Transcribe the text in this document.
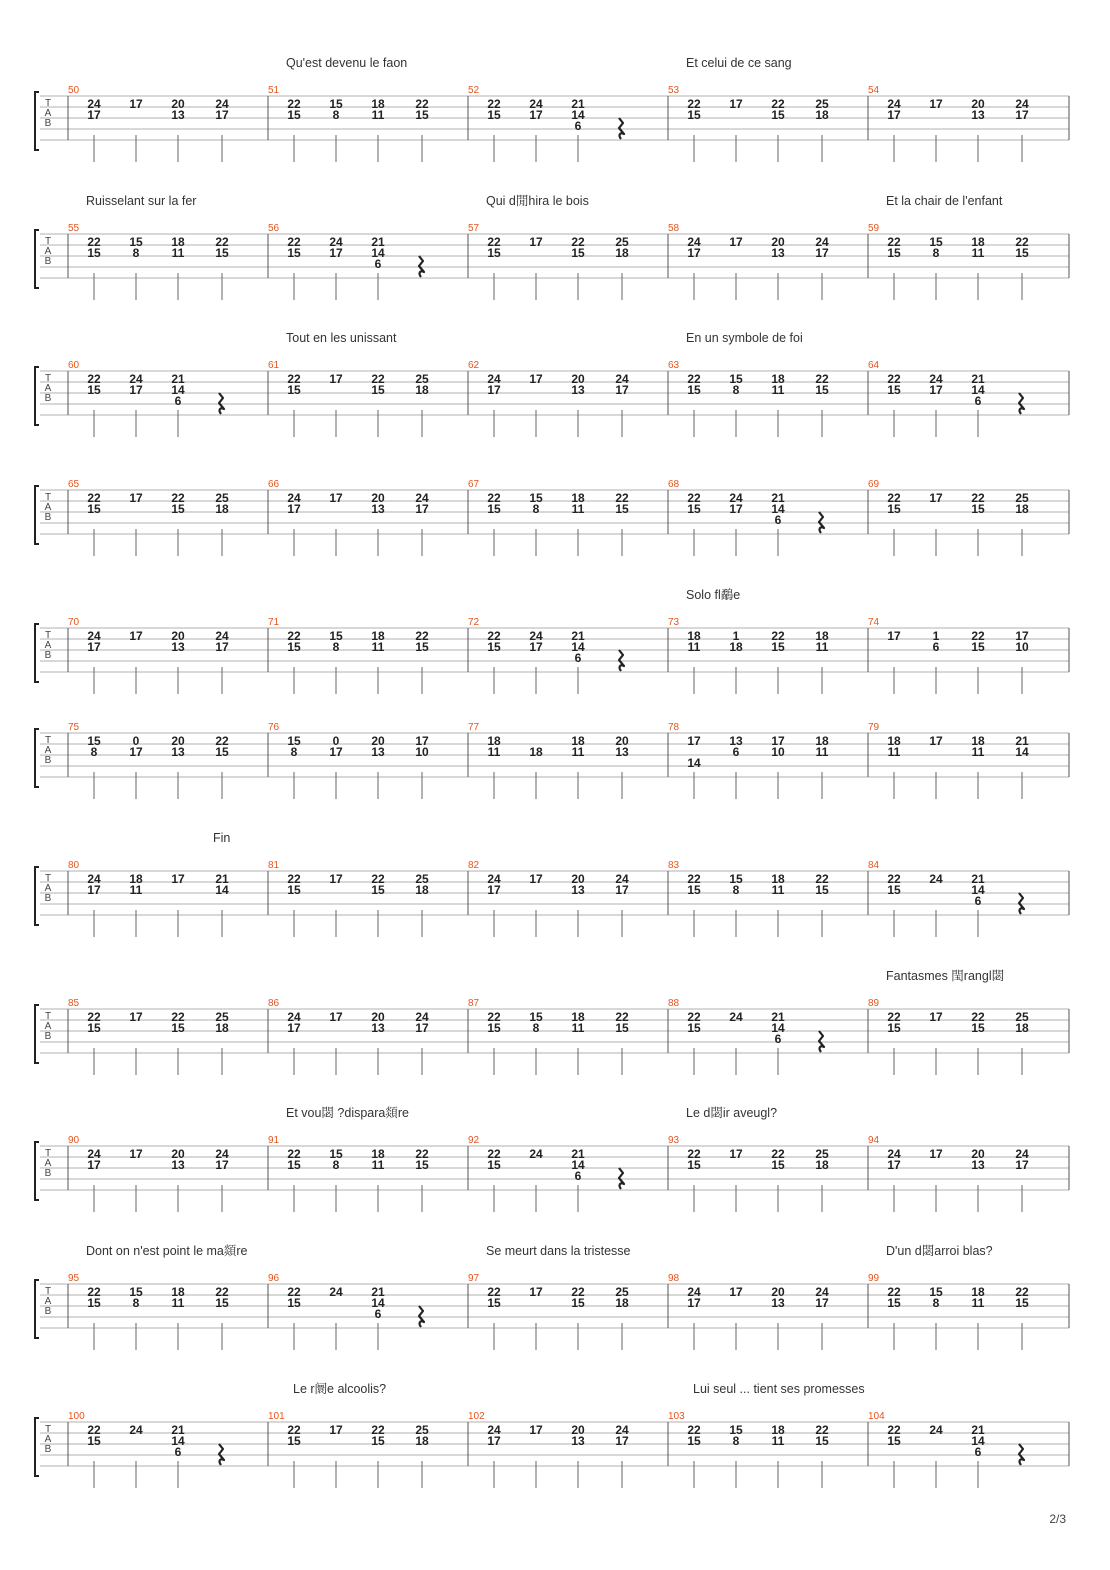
Qu'est devenu le faon	Et celui de ce sang
T
A
B
50
24
17
17 20
13
24
17
51
22
15
15
8
18
11
22
15
52
22
15
24
17
21
14
6
53
22
15
17 22
15
25
18
54
24
17
17 20
13
24
17
Ruisselant sur la fer	Qui d閒hira le bois	Et la chair de l'enfant
T
A
B
55
22
15
15
8
18
11
22
15
56
22
15
24
17
21
14
6
57
22
15
17 22
15
25
18
58
24
17
17 20
13
24
17
59
22
15
15
8
18
11
22
15
Tout en les unissant	En un symbole de foi
T
A
B
60
22
15
24
17
21
14
6
61
22
15
17 22
15
25
18
62
24
17
17 20
13
24
17
63
22
15
15
8
18
11
22
15
64
22
15
24
17
21
14
6
T
A
B
65
22
15
17 22
15
25
18
66
24
17
17 20
13
24
17
67
22
15
15
8
18
11
22
15
68
22
15
24
17
21
14
6
69
22
15
17 22
15
25
18
Solo fl鷸e
T
A
B
70
24
17
17 20
13
24
17
71
22
15
15
8
18
11
22
15
72
22
15
24
17
21
14
6
73
18
11
1
18
22
15
18
11
74
17	1
6
22
15
17
10
T
A
B
75
15
8
0
17
20
13
22
15
76
15
8
0
17
20
13
17
10
77
18
11 18
18
11
20
13
78
17
14
13
6
17
10
18
11
79
18
11
17 18
11
21
14
Fin
T
A
B
80
24
17
18
11
17	21
14
81
22
15
17 22
15
25
18
82
24
17
17 20
13
24
17
83
22
15
15
8
18
11
22
15
84
22
15
24 21
14
6
Fantasmes 閠rangl閟
T
A
B
85
22
15
17 22
15
25
18
86
24
17
17 20
13
24
17
87
22
15
15
8
18
11
22
15
88
22
15
24 21
14
6
89
22
15
17 22
15
25
18
Et vou閟 ?dispara顃re	Le d閟ir aveugl?
T
A
B
90
24
17
17 20
13
24
17
91
22
15
15
8
18
11
22
15
92
22
15
24 21
14
6
93
22
15
17 22
15
25
18
94
24
17
17 20
13
24
17
Dont on n'est point le ma顃re	Se meurt dans la tristesse	D'un d閟arroi blas?
T
A
B
95
22
15
15
8
18
11
22
15
96
22
15
24 21
14
6
97
22
15
17 22
15
25
18
98
24
17
17 20
13
24
17
99
22
15
15
8
18
11
22
15
Le r阛e alcoolis?	Lui seul ... tient ses promesses
T
A
B
100
22
15
24 21
14
6
101
22
15
17 22
15
25
18
102
24
17
17 20
13
24
17
103
22
15
15
8
18
11
22
15
104
22
15
24 21
14
6
2/3
